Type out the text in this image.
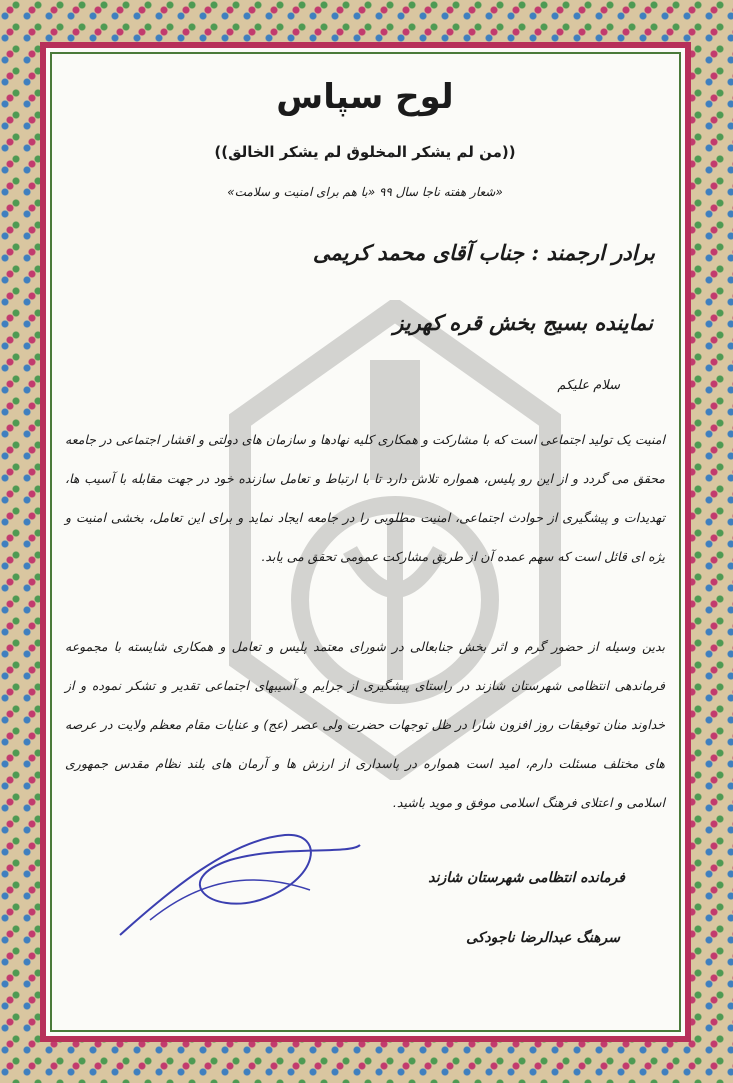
لوح سپاس
((من لم يشكر المخلوق لم يشكر الخالق))
«شعار هفته ناجا سال ۹۹ «با هم برای امنیت و سلامت»
برادر ارجمند : جناب آقای محمد کریمی
نماینده بسیج بخش قره کهریز
سلام علیکم
امنیت یک تولید اجتماعی است که با مشارکت و همکاری کلیه نهادها و سازمان های دولتی و اقشار اجتماعی در جامعه محقق می گردد و از این رو پلیس، همواره تلاش دارد تا با ارتباط و تعامل سازنده خود در جهت مقابله با آسیب ها، تهدیدات و پیشگیری از حوادث اجتماعی، امنیت مطلوبی را در جامعه ایجاد نماید و برای این تعامل، بخشی امنیت و یژه ای قائل است که سهم عمده آن از طریق مشارکت عمومی تحقق می یابد.
بدین وسیله از حضور گرم و اثر بخش جنابعالی در شورای معتمد پلیس و تعامل و همکاری شایسته با مجموعه فرماندهی انتظامی شهرستان شازند در راستای پیشگیری از جرایم و آسیبهای اجتماعی تقدیر و تشکر نموده و از خداوند منان توفیقات روز افزون شارا در ظل توجهات حضرت ولی عصر (عج) و عنایات مقام معظم ولایت در عرصه های مختلف مسئلت دارم، امید است همواره در پاسداری از ارزش ها و آرمان های بلند نظام مقدس جمهوری اسلامی و اعتلای فرهنگ اسلامی موفق و موید باشید.
فرمانده انتظامی شهرستان شازند
سرهنگ عبدالرضا ناجودکی
